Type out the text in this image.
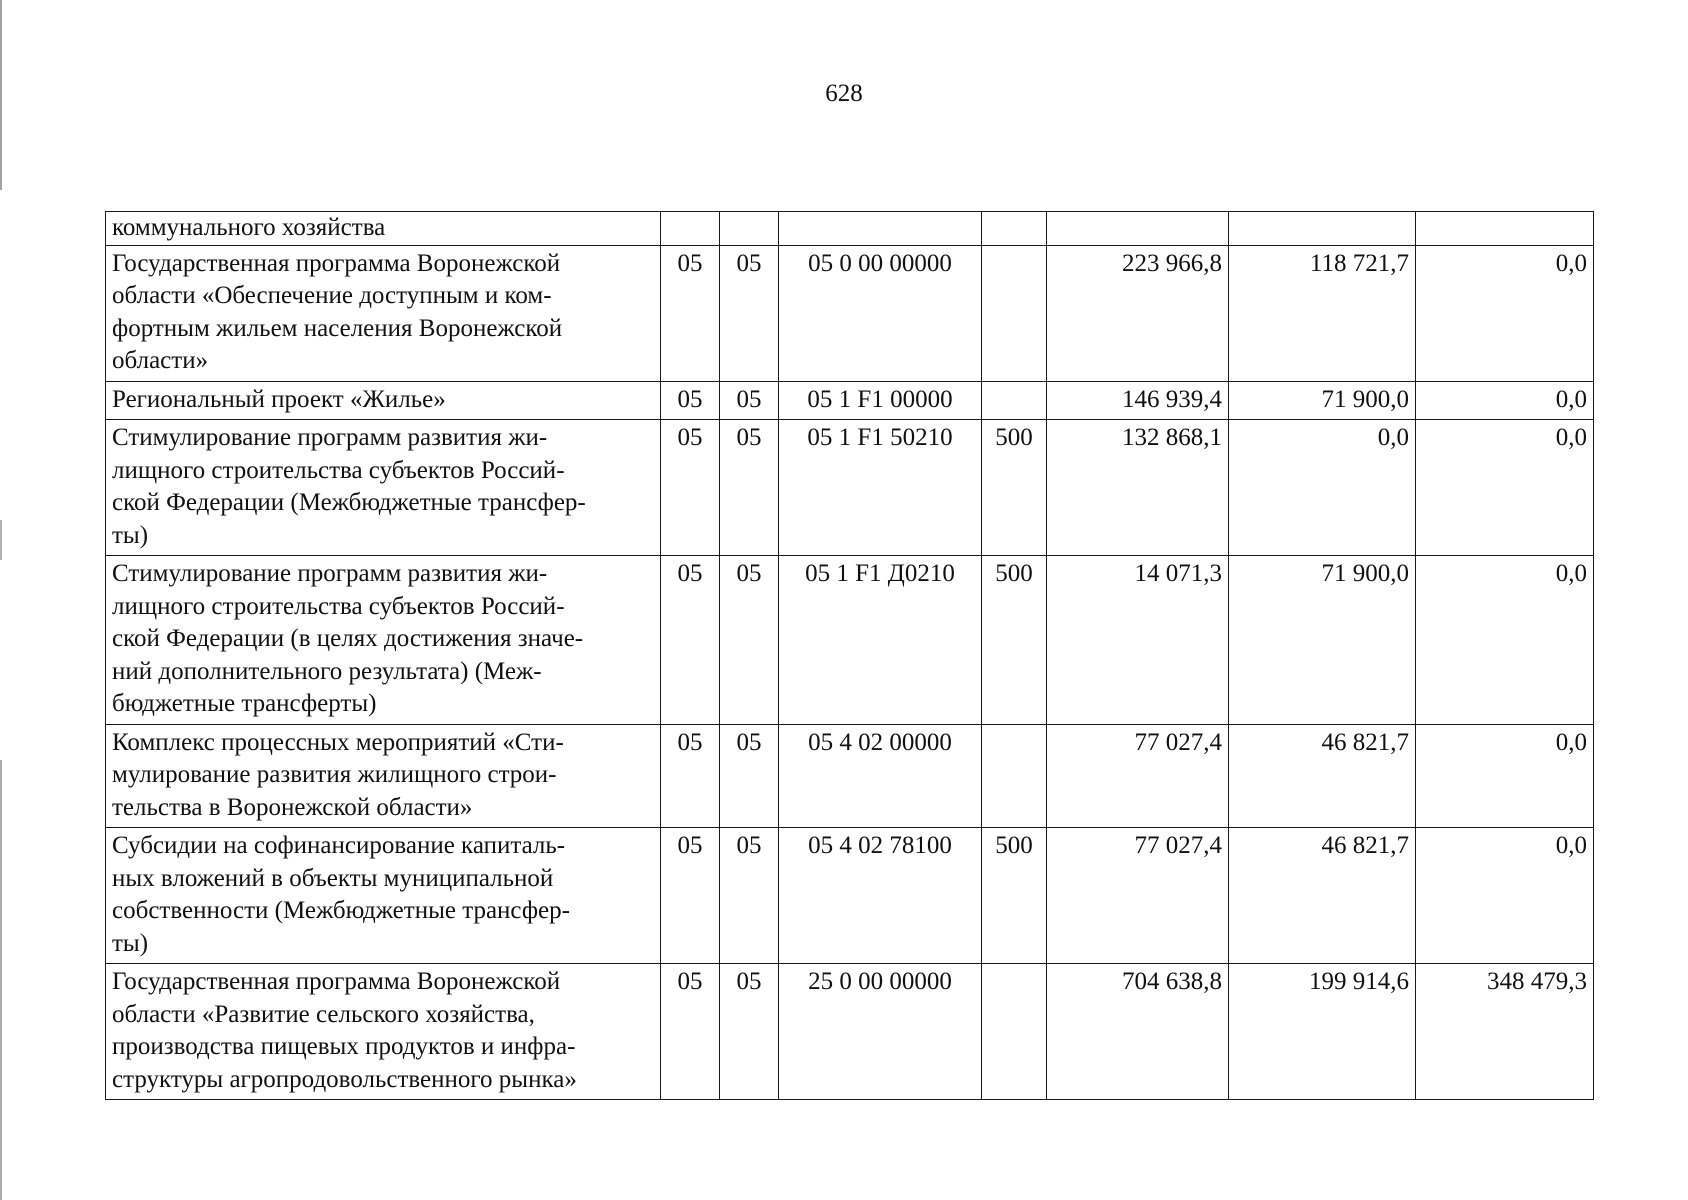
628
коммунального хозяйства							
Государственная программа Воронежской
области «Обеспечение доступным и ком-
фортным жильем населения Воронежской
области»	05	05	05 0 00 00000		223 966,8	118 721,7	0,0
Региональный проект «Жилье»	05	05	05 1 F1 00000		146 939,4	71 900,0	0,0
Стимулирование программ развития жи-
лищного строительства субъектов Россий-
ской Федерации (Межбюджетные трансфер-
ты)	05	05	05 1 F1 50210	500	132 868,1	0,0	0,0
Стимулирование программ развития жи-
лищного строительства субъектов Россий-
ской Федерации (в целях достижения значе-
ний дополнительного результата) (Меж-
бюджетные трансферты)	05	05	05 1 F1 Д0210	500	14 071,3	71 900,0	0,0
Комплекс процессных мероприятий «Сти-
мулирование развития жилищного строи-
тельства в Воронежской области»	05	05	05 4 02 00000		77 027,4	46 821,7	0,0
Субсидии на софинансирование капиталь-
ных вложений в объекты муниципальной
собственности (Межбюджетные трансфер-
ты)	05	05	05 4 02 78100	500	77 027,4	46 821,7	0,0
Государственная программа Воронежской
области «Развитие сельского хозяйства,
производства пищевых продуктов и инфра-
структуры агропродовольственного рынка»	05	05	25 0 00 00000		704 638,8	199 914,6	348 479,3
